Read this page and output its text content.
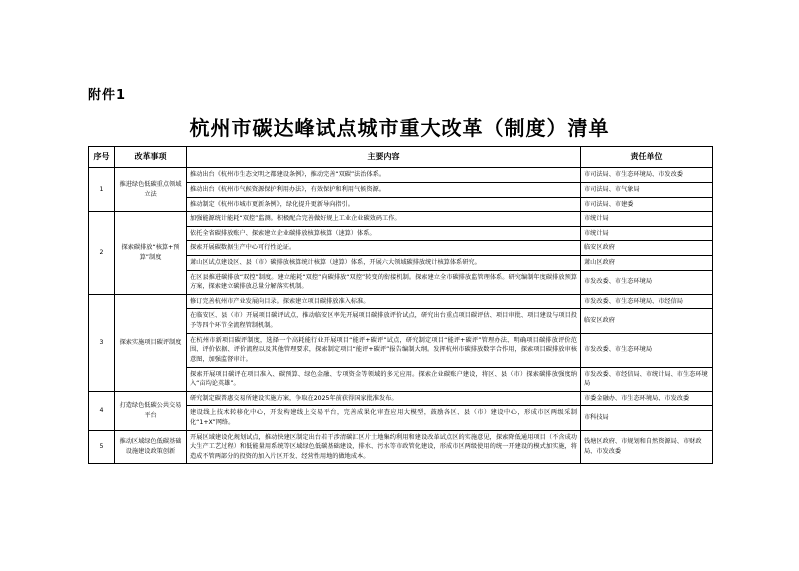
附件1
杭州市碳达峰试点城市重大改革（制度）清单
序号	改革事项	主要内容	责任单位
1	推进绿色低碳重点领域立法	推动出台《杭州市生态文明之都建设条例》，推动完善“双碳”法治体系。	市司法局、市生态环境局、市发改委
		推动出台《杭州市气候资源保护利用办法》，有效保护和利用气候资源。	市司法局、市气象局
		推动制定《杭州市城市更新条例》，绿化提升更新导向指引。	市司法局、市建委
2	探索碳排放“核算+预算”制度	加强能源统计能耗“双控”监测。积极配合完善做好规上工业企业碳效码工作。	市统计局
		依托全省碳排放账户、探索建立企业碳排放核算核算（速算）体系。	市统计局
		探索开展碳数据生产中心可行性论证。	临安区政府
		萧山区试点建设区、县（市）碳排放核算统计核算（速算）体系，开展六大领域碳排放统计核算体系研究。	萧山区政府
		在区县推进碳排放“双控”制度。建立能耗“双控”向碳排放“双控”转变的衔接机制。探索建立全市碳排放监管理体系。研究编制年度碳排放预算方案，探索建立碳排放总量分解落实机制。	市发改委、市生态环境局
3	探索实施项目碳评制度	修订完善杭州市产业发展向目录。探索建立项目碳排放准入标准。	市发改委、市生态环境局、市经信局
		在临安区、县（市）开展项目碳评试点，推动临安区率先开展项目碳排放评价试点，研究出台重点项目碳评估、项目审批、项目建设与项目投予等四个环节全流程管制机制。	临安区政府
		在杭州市新项目碳评制度，选择一个高耗能行业开展项目“能评+碳评”试点，研究制定项目“能评+碳评”管理办法、明确项目碳排放评价范围、评价依据、评价流程以及其他管理要求，探索制定项目“能评+碳评”报告编制大纲。发挥杭州市碳排放数字合作用，探索项目碳排放审核意图，加强监督审计。	市发改委、市生态环境局
		探索开展项目碳评在项目准入、碳预算、绿色金融、专项资金等领域的多元应用。探索企业碳账户建设，将区、县（市）探索碳排放强度纳入“亩均论英雄”。	市发改委、市经信局、市统计局、市生态环境局
4	打造绿色低碳公共交易平台	研究制定碳普惠交易所建设实施方案，争取在2025年前获得国家批准发布。	市委金融办、市生态环境局、市发改委
		建设线上技术转移化中心，开发构建线上交易平台，完善成果化审查应用大模型，鼓励各区、县（市）建设中心，形成市区两级采制化“1+X”网络。	市科技局
5	推动区域绿色低碳基础设施建设政策创新	开展区域建设化规划试点，推动快建区制定出台若干涉清碳汇区片土地集约利用和建设改革试点区的实施意见，探索降低通用项目（不含成功大生产工艺过程）和低能量用系统等区域绿色低碳基础建设，排水、污水等市政管化建设，形成市区两级使用的统一开建设的模式加实施，将造成不管两部分的投资的加入片区开发、经营性用地的做地成本。	钱塘区政府、市规划和自然资源局、市财政局、市发改委
